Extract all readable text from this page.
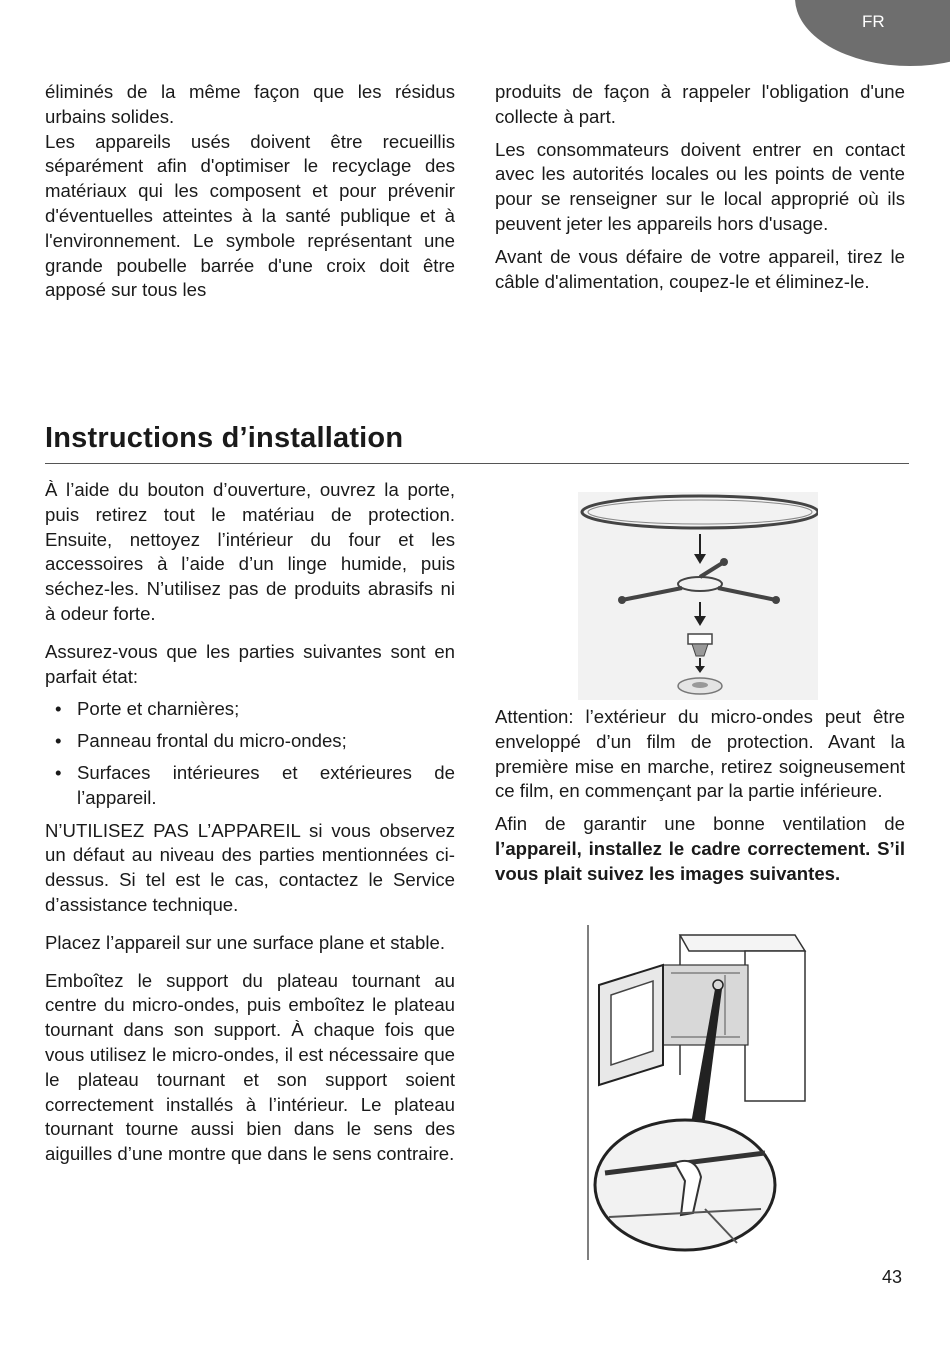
FR

éliminés de la même façon que les résidus urbains solides.

Les appareils usés doivent être recueillis séparément afin d'optimiser le recyclage des matériaux qui les composent et pour prévenir d'éventuelles atteintes à la santé publique et à l'environnement. Le symbole représentant une grande poubelle barrée d'une croix doit être apposé sur tous les

produits de façon à rappeler l'obligation d'une collecte à part.

Les consommateurs doivent entrer en contact avec les autorités locales ou les points de vente pour se renseigner sur le local approprié où ils peuvent jeter les appareils hors d'usage.

Avant de vous défaire de votre appareil, tirez le câble d'alimentation, coupez-le et éliminez-le.

Instructions d’installation

À l’aide du bouton d’ouverture, ouvrez la porte, puis retirez tout le matériau de protection. Ensuite, nettoyez l’intérieur du four et les accessoires à l’aide d’un linge humide, puis séchez-les. N’utilisez pas de produits abrasifs ni à odeur forte.

Assurez-vous que les parties suivantes sont en parfait état:

• Porte et charnières;
• Panneau frontal du micro-ondes;
• Surfaces intérieures et extérieures de l’appareil.

N’UTILISEZ PAS L’APPAREIL si vous observez un défaut au niveau des parties mentionnées ci-dessus. Si tel est le cas, contactez le Service d’assistance technique.

Placez l’appareil sur une surface plane et stable.

Emboîtez le support du plateau tournant au centre du micro-ondes, puis emboîtez le plateau tournant dans son support. À chaque fois que vous utilisez le micro-ondes, il est nécessaire que le plateau tournant et son support soient correctement installés à l’intérieur. Le plateau tournant tourne aussi bien dans le sens des aiguilles d’une montre que dans le sens contraire.

Attention: l’extérieur du micro-ondes peut être enveloppé d’un film de protection. Avant la première mise en marche, retirez soigneusement ce film, en commençant par la partie inférieure.

Afin de garantir une bonne ventilation de l’appareil, installez le cadre correctement. S’il vous plait suivez les images suivantes.

43
